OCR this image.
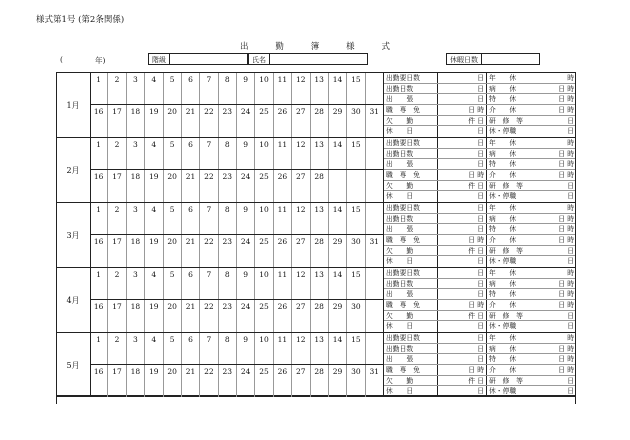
様式第1号 (第2条関係)
出	勤	簿	様	式
(	年)	階級	氏名	休暇日数
1月
1	2	3	4	5	6	7	8	9	10	11	12	13	14	15
16	17	18	19	20	21	22	23	24	25	26	27	28	29	30	31
出勤要日数	日 年　　休	時
出勤日数	日 病　　休	日 時
出　　張	日 特　　休	日 時
職　専　免	日 時 介　　休	日 時
欠　　勤	件 日 研　修　等	日
休　　日	日 休・停職	日
2月
1	2	3	4	5	6	7	8	9	10	11	12	13	14	15
16	17	18	19	20	21	22	23	24	25	26	27	28
出勤要日数	日 年　　休	時
出勤日数	日 病　　休	日 時
出　　張	日 特　　休	日 時
職　専　免	日 時 介　　休	日 時
欠　　勤	件 日 研　修　等	日
休　　日	日 休・停職	日
3月
1	2	3	4	5	6	7	8	9	10	11	12	13	14	15
16	17	18	19	20	21	22	23	24	25	26	27	28	29	30	31
出勤要日数	日 年　　休	時
出勤日数	日 病　　休	日 時
出　　張	日 特　　休	日 時
職　専　免	日 時 介　　休	日 時
欠　　勤	件 日 研　修　等	日
休　　日	日 休・停職	日
4月
1	2	3	4	5	6	7	8	9	10	11	12	13	14	15
16	17	18	19	20	21	22	23	24	25	26	27	28	29	30
出勤要日数	日 年　　休	時
出勤日数	日 病　　休	日 時
出　　張	日 特　　休	日 時
職　専　免	日 時 介　　休	日 時
欠　　勤	件 日 研　修　等	日
休　　日	日 休・停職	日
5月
1	2	3	4	5	6	7	8	9	10	11	12	13	14	15
16	17	18	19	20	21	22	23	24	25	26	27	28	29	30	31
出勤要日数	日 年　　休	時
出勤日数	日 病　　休	日 時
出　　張	日 特　　休	日 時
職　専　免	日 時 介　　休	日 時
欠　　勤	件 日 研　修　等	日
休　　日	日 休・停職	日
